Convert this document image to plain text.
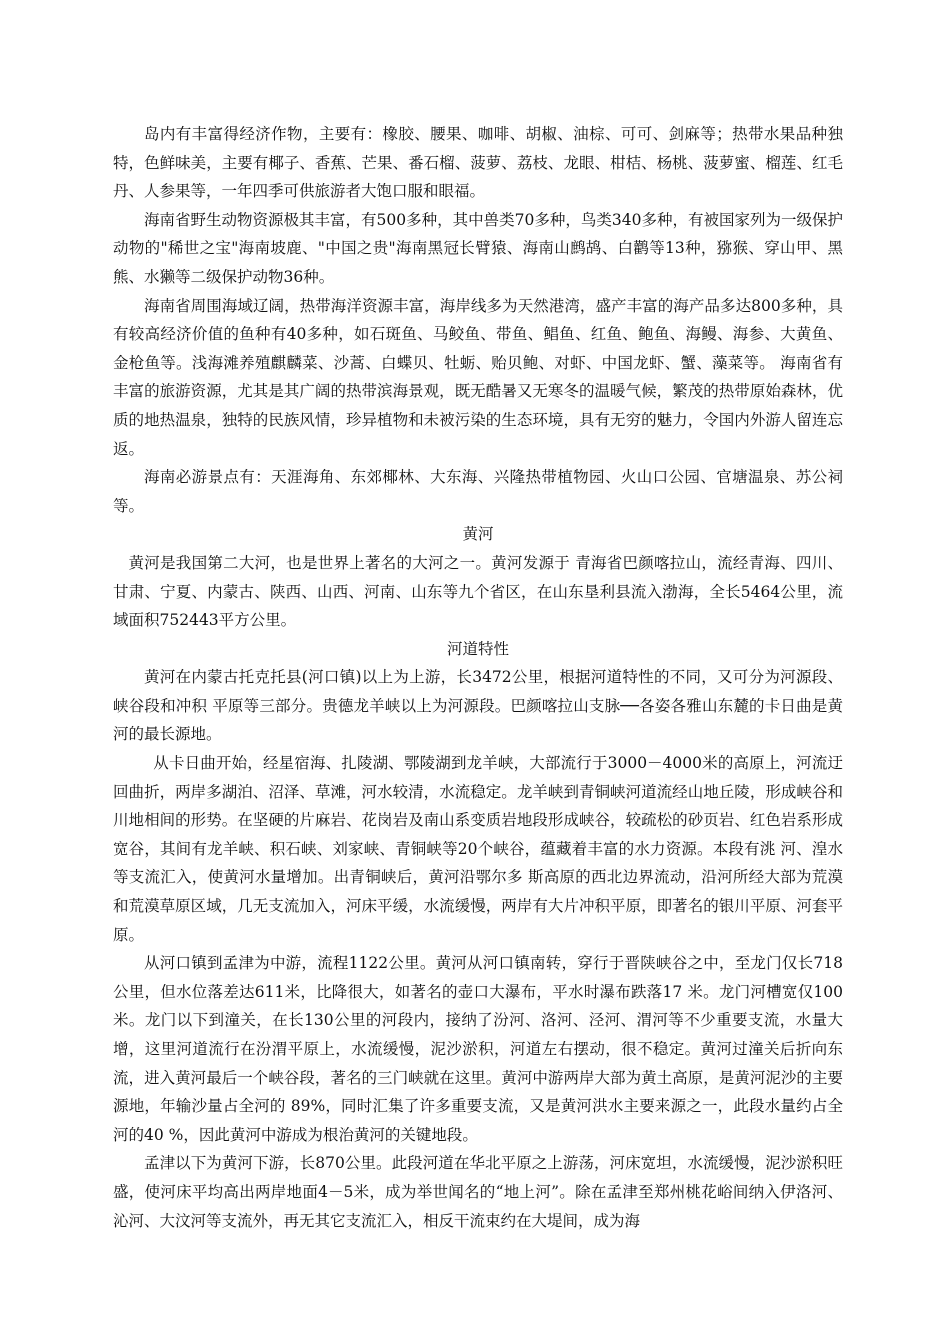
岛内有丰富得经济作物，主要有：橡胶、腰果、咖啡、胡椒、油棕、可可、剑麻等；热带水果品种独特，色鲜味美，主要有椰子、香蕉、芒果、番石榴、菠萝、荔枝、龙眼、柑桔、杨桃、菠萝蜜、榴莲、红毛丹、人参果等，一年四季可供旅游者大饱口服和眼福。

海南省野生动物资源极其丰富，有500多种，其中兽类70多种，鸟类340多种，有被国家列为一级保护动物的"稀世之宝"海南坡鹿、"中国之贵"海南黑冠长臂猿、海南山鹧鸪、白鹳等13种，猕猴、穿山甲、黑熊、水獭等二级保护动物36种。

海南省周围海域辽阔，热带海洋资源丰富，海岸线多为天然港湾，盛产丰富的海产品多达800多种，具有较高经济价值的鱼种有40多种，如石斑鱼、马鲛鱼、带鱼、鲳鱼、红鱼、鲍鱼、海鳗、海参、大黄鱼、金枪鱼等。浅海滩养殖麒麟菜、沙蒿、白蝶贝、牡蛎、贻贝鲍、对虾、中国龙虾、蟹、藻菜等。 海南省有丰富的旅游资源，尤其是其广阔的热带滨海景观，既无酷暑又无寒冬的温暖气候，繁茂的热带原始森林，优质的地热温泉，独特的民族风情，珍异植物和未被污染的生态环境，具有无穷的魅力，令国内外游人留连忘返。

海南必游景点有：天涯海角、东郊椰林、大东海、兴隆热带植物园、火山口公园、官塘温泉、苏公祠等。

黄河

黄河是我国第二大河，也是世界上著名的大河之一。黄河发源于 青海省巴颜喀拉山，流经青海、四川、甘肃、宁夏、内蒙古、陕西、山西、河南、山东等九个省区，在山东垦利县流入渤海，全长5464公里，流域面积752443平方公里。

河道特性

黄河在内蒙古托克托县(河口镇)以上为上游，长3472公里，根据河道特性的不同，又可分为河源段、峡谷段和冲积 平原等三部分。贵德龙羊峡以上为河源段。巴颜喀拉山支脉──各姿各雅山东麓的卡日曲是黄河的最长源地。

从卡日曲开始，经星宿海、扎陵湖、鄂陵湖到龙羊峡，大部流行于3000－4000米的高原上，河流迂回曲折，两岸多湖泊、沼泽、草滩，河水较清，水流稳定。龙羊峡到青铜峡河道流经山地丘陵，形成峡谷和川地相间的形势。在坚硬的片麻岩、花岗岩及南山系变质岩地段形成峡谷，较疏松的砂页岩、红色岩系形成宽谷，其间有龙羊峡、积石峡、刘家峡、青铜峡等20个峡谷，蕴藏着丰富的水力资源。本段有洮 河、湟水等支流汇入，使黄河水量增加。出青铜峡后，黄河沿鄂尔多 斯高原的西北边界流动，沿河所经大部为荒漠和荒漠草原区域，几无支流加入，河床平缓，水流缓慢，两岸有大片冲积平原，即著名的银川平原、河套平原。

从河口镇到孟津为中游，流程1122公里。黄河从河口镇南转，穿行于晋陕峡谷之中，至龙门仅长718公里，但水位落差达611米，比降很大，如著名的壶口大瀑布，平水时瀑布跌落17 米。龙门河槽宽仅100米。龙门以下到潼关，在长130公里的河段内，接纳了汾河、洛河、泾河、渭河等不少重要支流，水量大增，这里河道流行在汾渭平原上，水流缓慢，泥沙淤积，河道左右摆动，很不稳定。黄河过潼关后折向东流，进入黄河最后一个峡谷段，著名的三门峡就在这里。黄河中游两岸大部为黄土高原，是黄河泥沙的主要源地，年输沙量占全河的 89%，同时汇集了许多重要支流，又是黄河洪水主要来源之一，此段水量约占全河的40 %，因此黄河中游成为根治黄河的关键地段。

孟津以下为黄河下游，长870公里。此段河道在华北平原之上游荡，河床宽坦，水流缓慢，泥沙淤积旺盛，使河床平均高出两岸地面4－5米，成为举世闻名的“地上河”。除在孟津至郑州桃花峪间纳入伊洛河、沁河、大汶河等支流外，再无其它支流汇入，相反干流束约在大堤间，成为海
